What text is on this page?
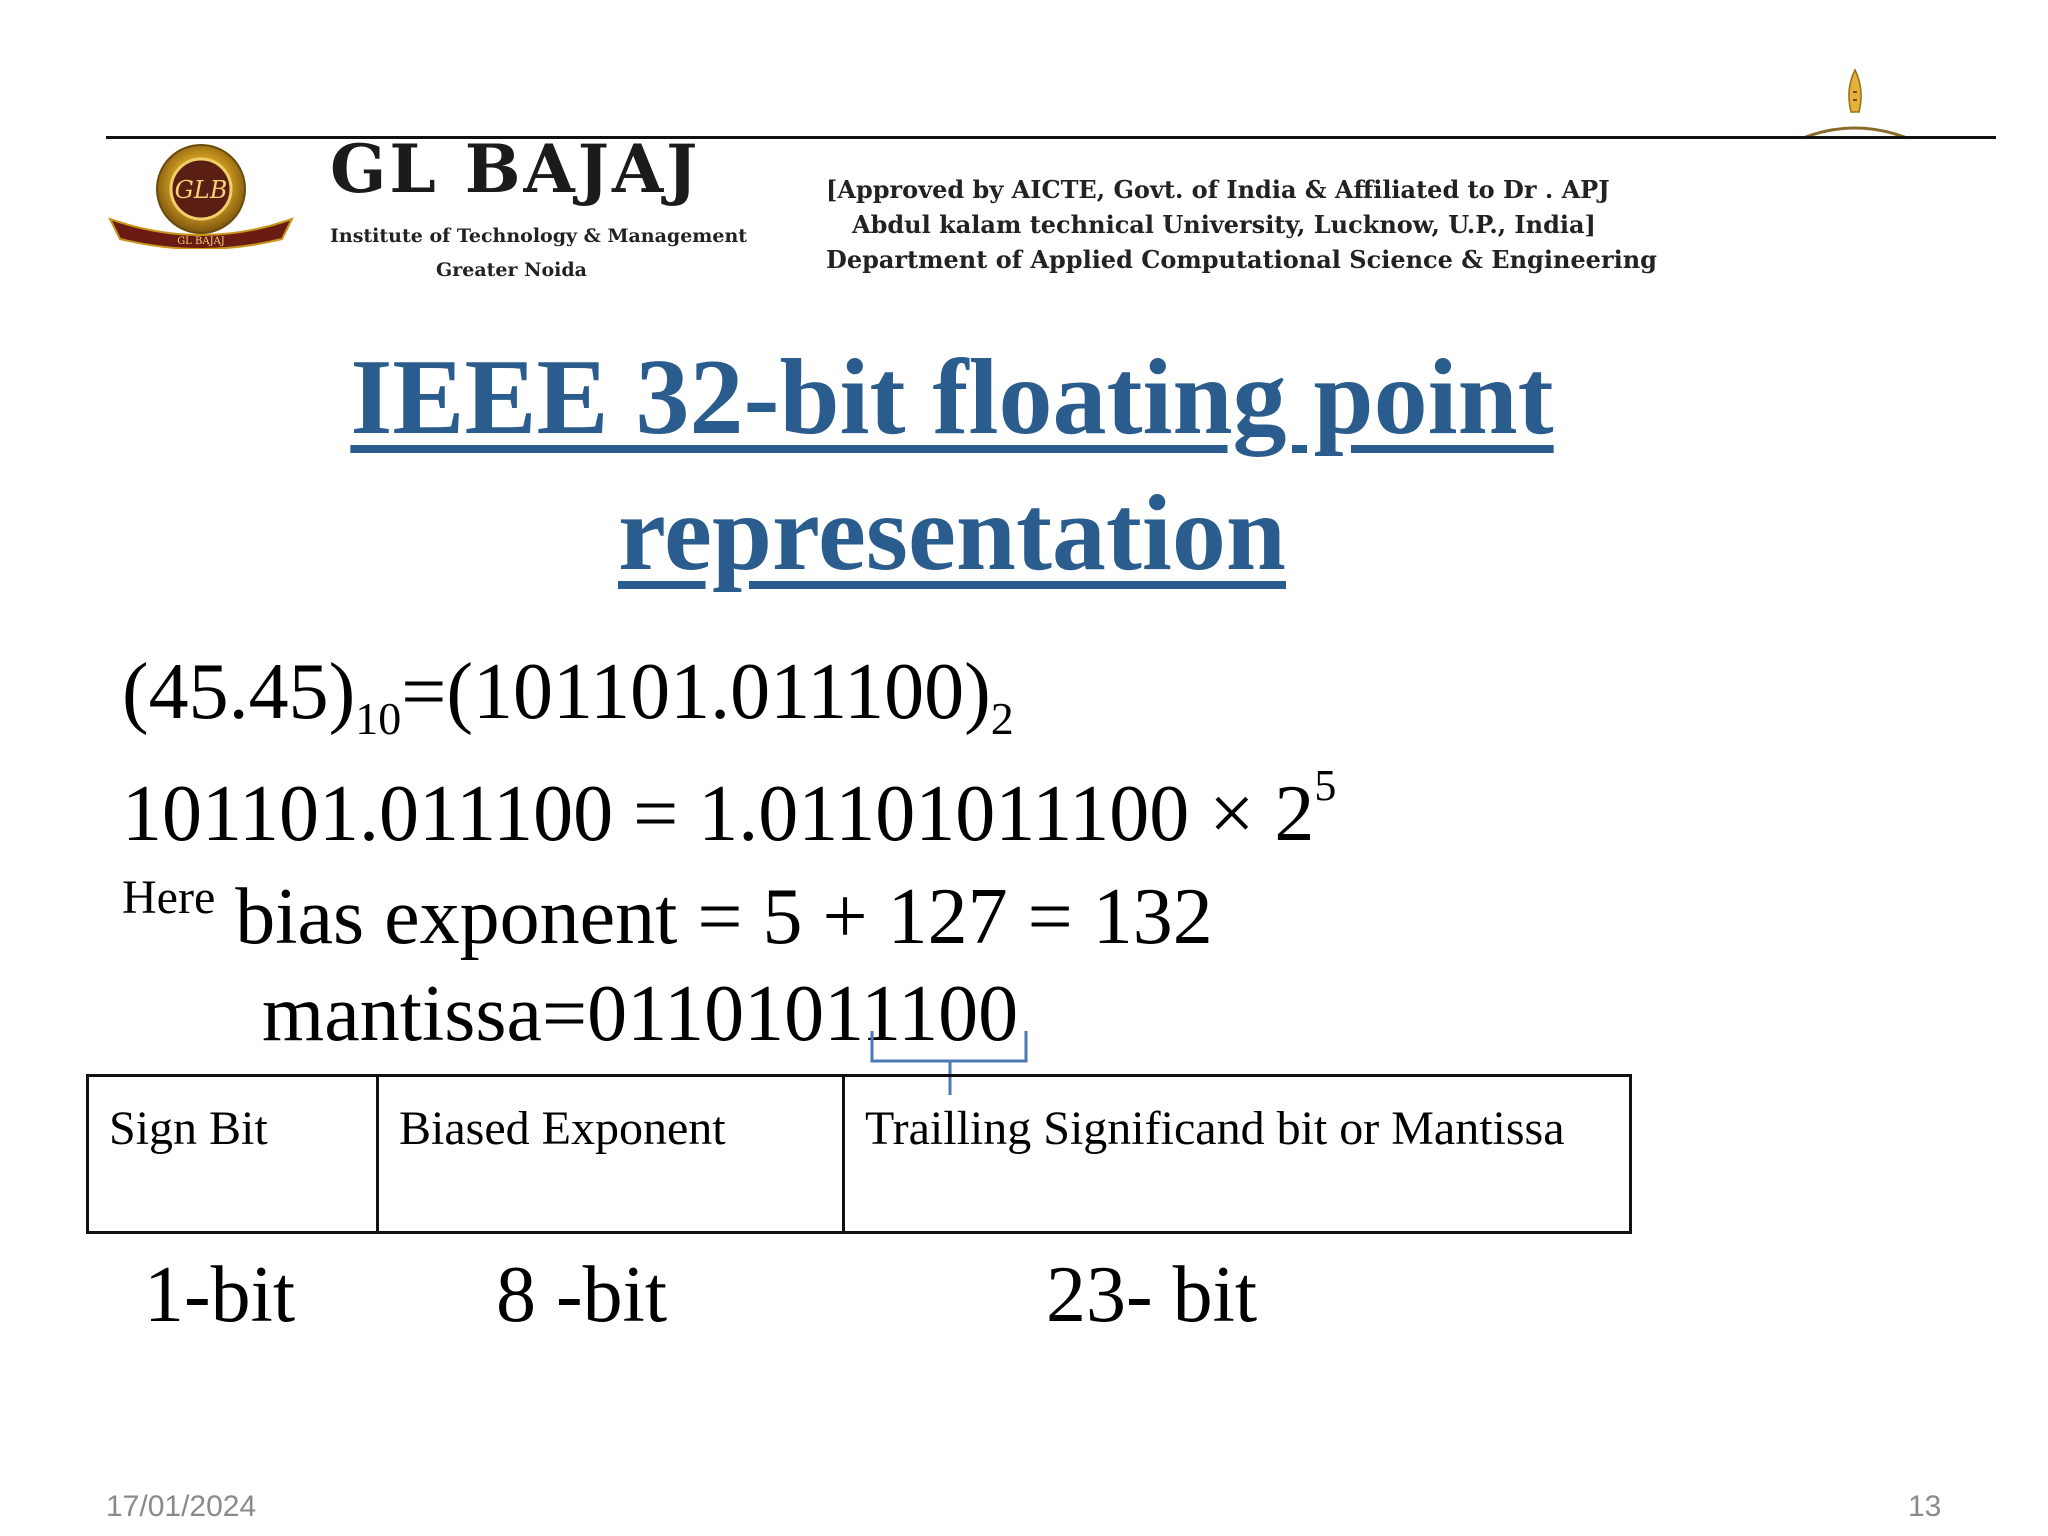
GLB
GL BAJAJ
GL BAJAJ
Institute of Technology & Management
Greater Noida
[Approved by AICTE, Govt. of India & Affiliated to Dr . APJ
Abdul kalam technical University, Lucknow, U.P., India]
Department of Applied Computational Science & Engineering
IEEE 32-bit floating point
representation
$(45.45)_{10}=(101101.011100)_2$
$101101.011100 = 1.01101011100 \times 2^5$
$^{Here}$ bias exponent = 5 + 127 = 132
mantissa=01101011100
Sign Bit	Biased Exponent	Trailling Significand bit or Mantissa
1-bit	8 -bit	23- bit
17/01/2024	13
